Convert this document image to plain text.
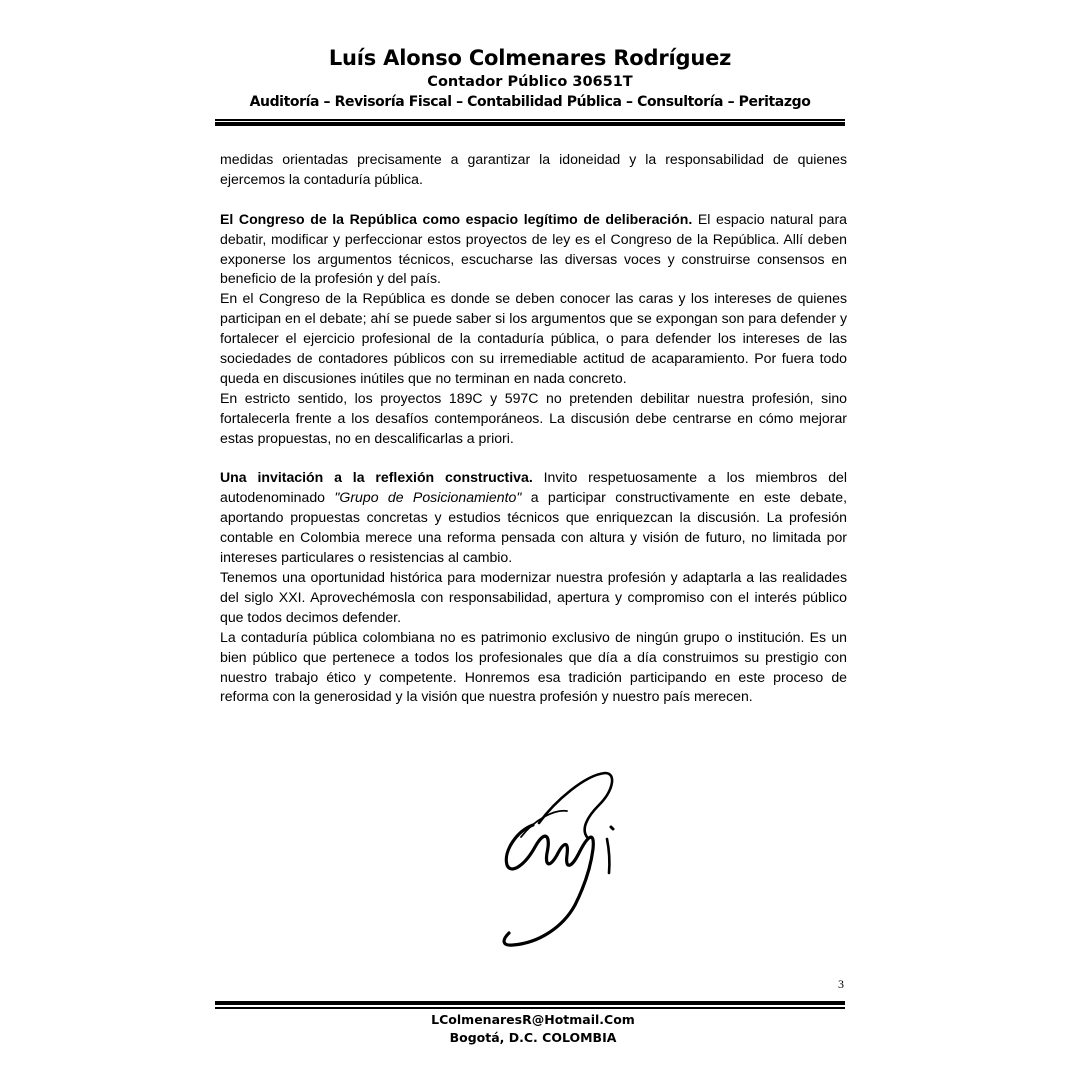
Luís Alonso Colmenares Rodríguez
Contador Público 30651T
Auditoría – Revisoría Fiscal – Contabilidad Pública – Consultoría – Peritazgo

medidas orientadas precisamente a garantizar la idoneidad y la responsabilidad de quienes ejercemos la contaduría pública.

El Congreso de la República como espacio legítimo de deliberación. El espacio natural para debatir, modificar y perfeccionar estos proyectos de ley es el Congreso de la República. Allí deben exponerse los argumentos técnicos, escucharse las diversas voces y construirse consensos en beneficio de la profesión y del país.

En el Congreso de la República es donde se deben conocer las caras y los intereses de quienes participan en el debate; ahí se puede saber si los argumentos que se expongan son para defender y fortalecer el ejercicio profesional de la contaduría pública, o para defender los intereses de las sociedades de contadores públicos con su irremediable actitud de acaparamiento. Por fuera todo queda en discusiones inútiles que no terminan en nada concreto.

En estricto sentido, los proyectos 189C y 597C no pretenden debilitar nuestra profesión, sino fortalecerla frente a los desafíos contemporáneos. La discusión debe centrarse en cómo mejorar estas propuestas, no en descalificarlas a priori.

Una invitación a la reflexión constructiva. Invito respetuosamente a los miembros del autodenominado "Grupo de Posicionamiento" a participar constructivamente en este debate, aportando propuestas concretas y estudios técnicos que enriquezcan la discusión. La profesión contable en Colombia merece una reforma pensada con altura y visión de futuro, no limitada por intereses particulares o resistencias al cambio.

Tenemos una oportunidad histórica para modernizar nuestra profesión y adaptarla a las realidades del siglo XXI. Aprovechémosla con responsabilidad, apertura y compromiso con el interés público que todos decimos defender.

La contaduría pública colombiana no es patrimonio exclusivo de ningún grupo o institución. Es un bien público que pertenece a todos los profesionales que día a día construimos su prestigio con nuestro trabajo ético y competente. Honremos esa tradición participando en este proceso de reforma con la generosidad y la visión que nuestra profesión y nuestro país merecen.

3
LColmenaresR@Hotmail.Com
Bogotá, D.C. COLOMBIA
